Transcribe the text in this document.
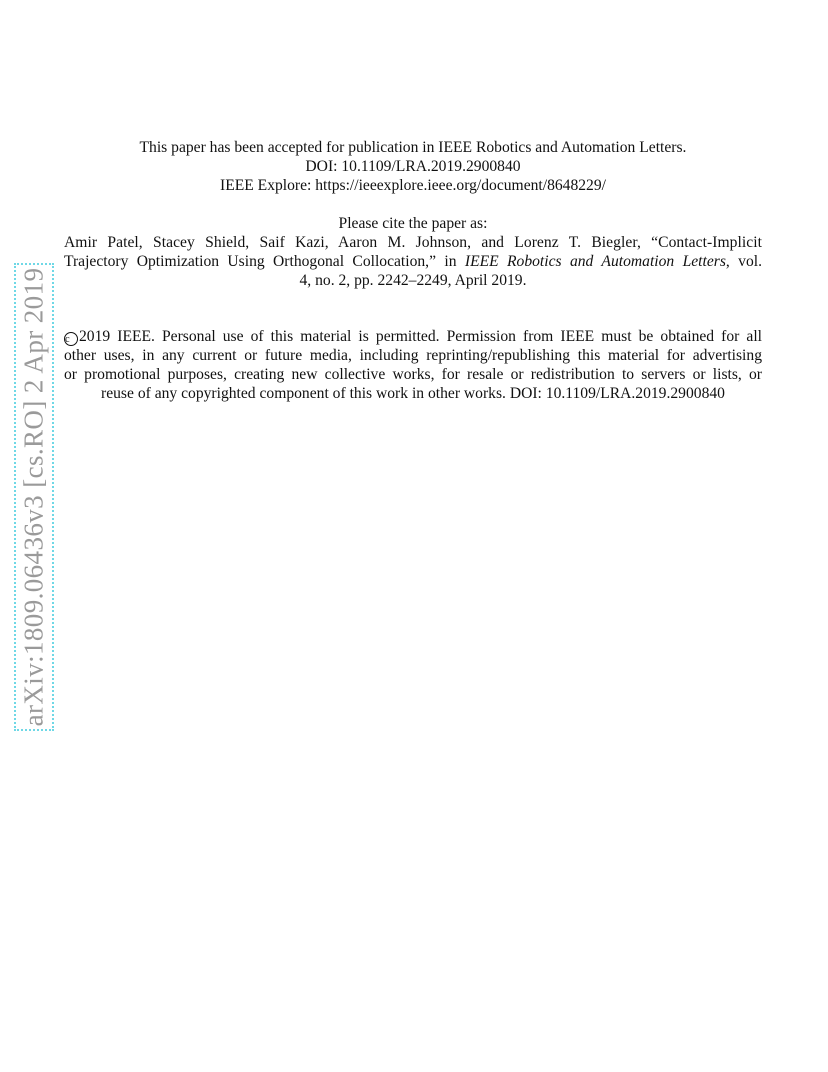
arXiv:1809.06436v3 [cs.RO] 2 Apr 2019
This paper has been accepted for publication in IEEE Robotics and Automation Letters.
DOI: 10.1109/LRA.2019.2900840
IEEE Explore: https://ieeexplore.ieee.org/document/8648229/
Please cite the paper as:
Amir Patel, Stacey Shield, Saif Kazi, Aaron M. Johnson, and Lorenz T. Biegler, “Contact-Implicit
Trajectory Optimization Using Orthogonal Collocation,” in IEEE Robotics and Automation Letters, vol.
4, no. 2, pp. 2242–2249, April 2019.
c 2019 IEEE. Personal use of this material is permitted. Permission from IEEE must be obtained for all
other uses, in any current or future media, including reprinting/republishing this material for advertising
or promotional purposes, creating new collective works, for resale or redistribution to servers or lists, or
reuse of any copyrighted component of this work in other works. DOI: 10.1109/LRA.2019.2900840
